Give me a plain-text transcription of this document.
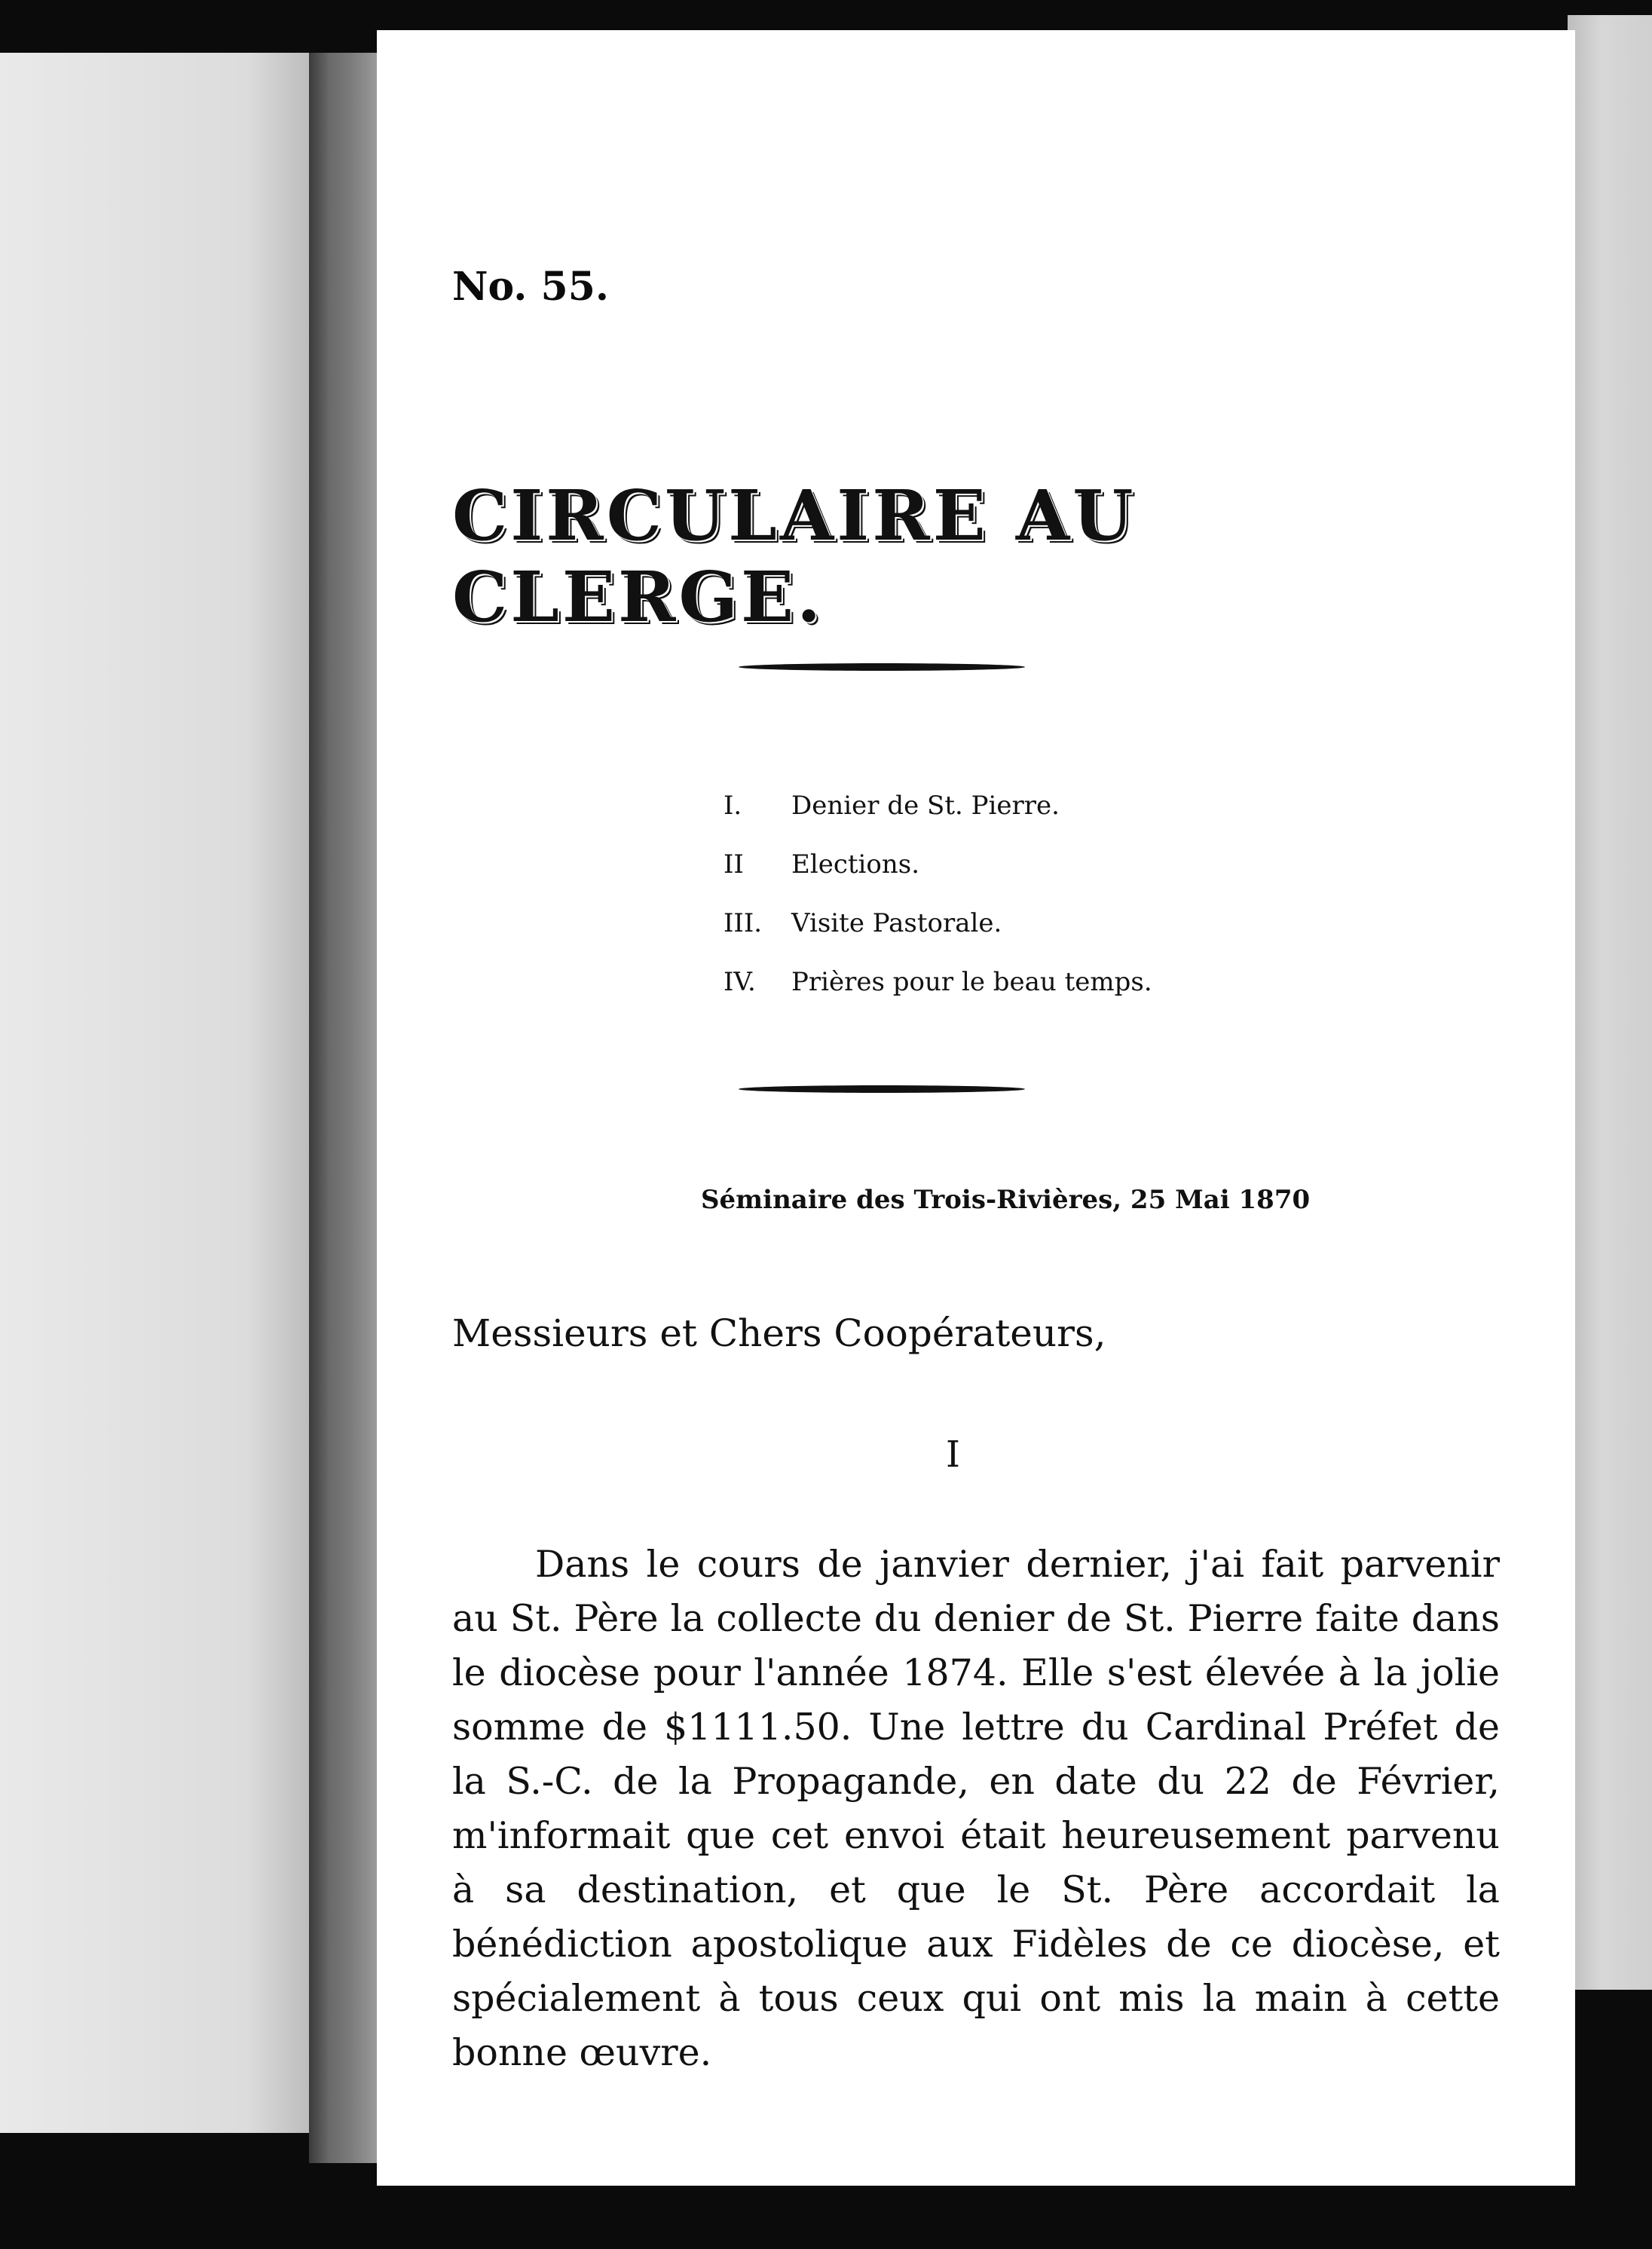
No. 55.
CIRCULAIRE AU CLERGE.
I. Denier de St. Pierre.
II Elections.
III. Visite Pastorale.
IV. Prières pour le beau temps.
Séminaire des Trois-Rivières, 25 Mai 1870
Messieurs et Chers Coopérateurs,
I

Dans le cours de janvier dernier, j'ai fait parvenir au St. Père la collecte du denier de St. Pierre faite dans le diocèse pour l'année 1874. Elle s'est élevée à la jolie somme de $1111.50. Une lettre du Cardinal Préfet de la S.-C. de la Propagande, en date du 22 de Février, m'informait que cet envoi était heureusement parvenu à sa destination, et que le St. Père accordait la bénédiction apostolique aux Fidèles de ce diocèse, et spécialement à tous ceux qui ont mis la main à cette bonne œuvre.
